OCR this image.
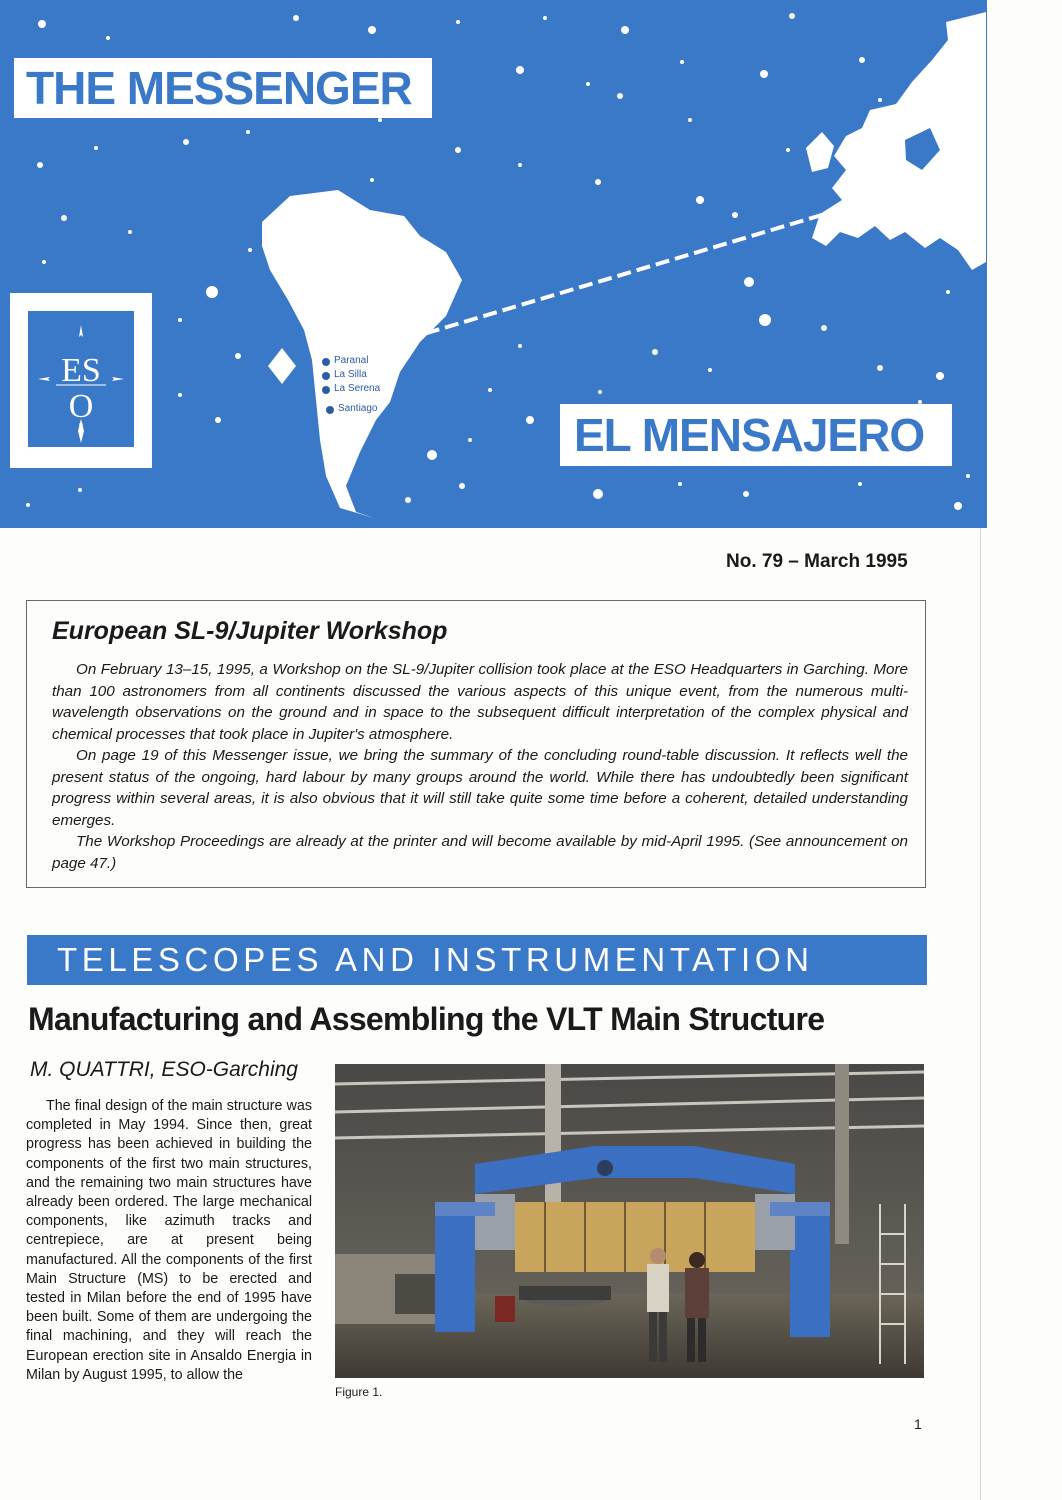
Paranal
La Silla
La Serena
Santiago
Munich
THE MESSENGER
EL MENSAJERO
ES
O
No. 79 – March 1995
European SL-9/Jupiter Workshop

On February 13–15, 1995, a Workshop on the SL-9/Jupiter collision took place at the ESO Headquarters in Garching. More than 100 astronomers from all continents discussed the various aspects of this unique event, from the numerous multi-wavelength observations on the ground and in space to the subsequent difficult interpretation of the complex physical and chemical processes that took place in Jupiter's atmosphere.

On page 19 of this Messenger issue, we bring the summary of the concluding round-table discussion. It reflects well the present status of the ongoing, hard labour by many groups around the world. While there has undoubtedly been significant progress within several areas, it is also obvious that it will still take quite some time before a coherent, detailed understanding emerges.

The Workshop Proceedings are already at the printer and will become available by mid-April 1995. (See announcement on page 47.)

TELESCOPES AND INSTRUMENTATION
Manufacturing and Assembling the VLT Main Structure
M. QUATTRI, ESO-Garching

The final design of the main structure was completed in May 1994. Since then, great progress has been achieved in building the components of the first two main structures, and the remaining two main structures have already been ordered. The large mechanical components, like azimuth tracks and centrepiece, are at present being manufactured. All the components of the first Main Structure (MS) to be erected and tested in Milan before the end of 1995 have been built. Some of them are undergoing the final machining, and they will reach the European erection site in Ansaldo Energia in Milan by August 1995, to allow the

Figure 1.
1
